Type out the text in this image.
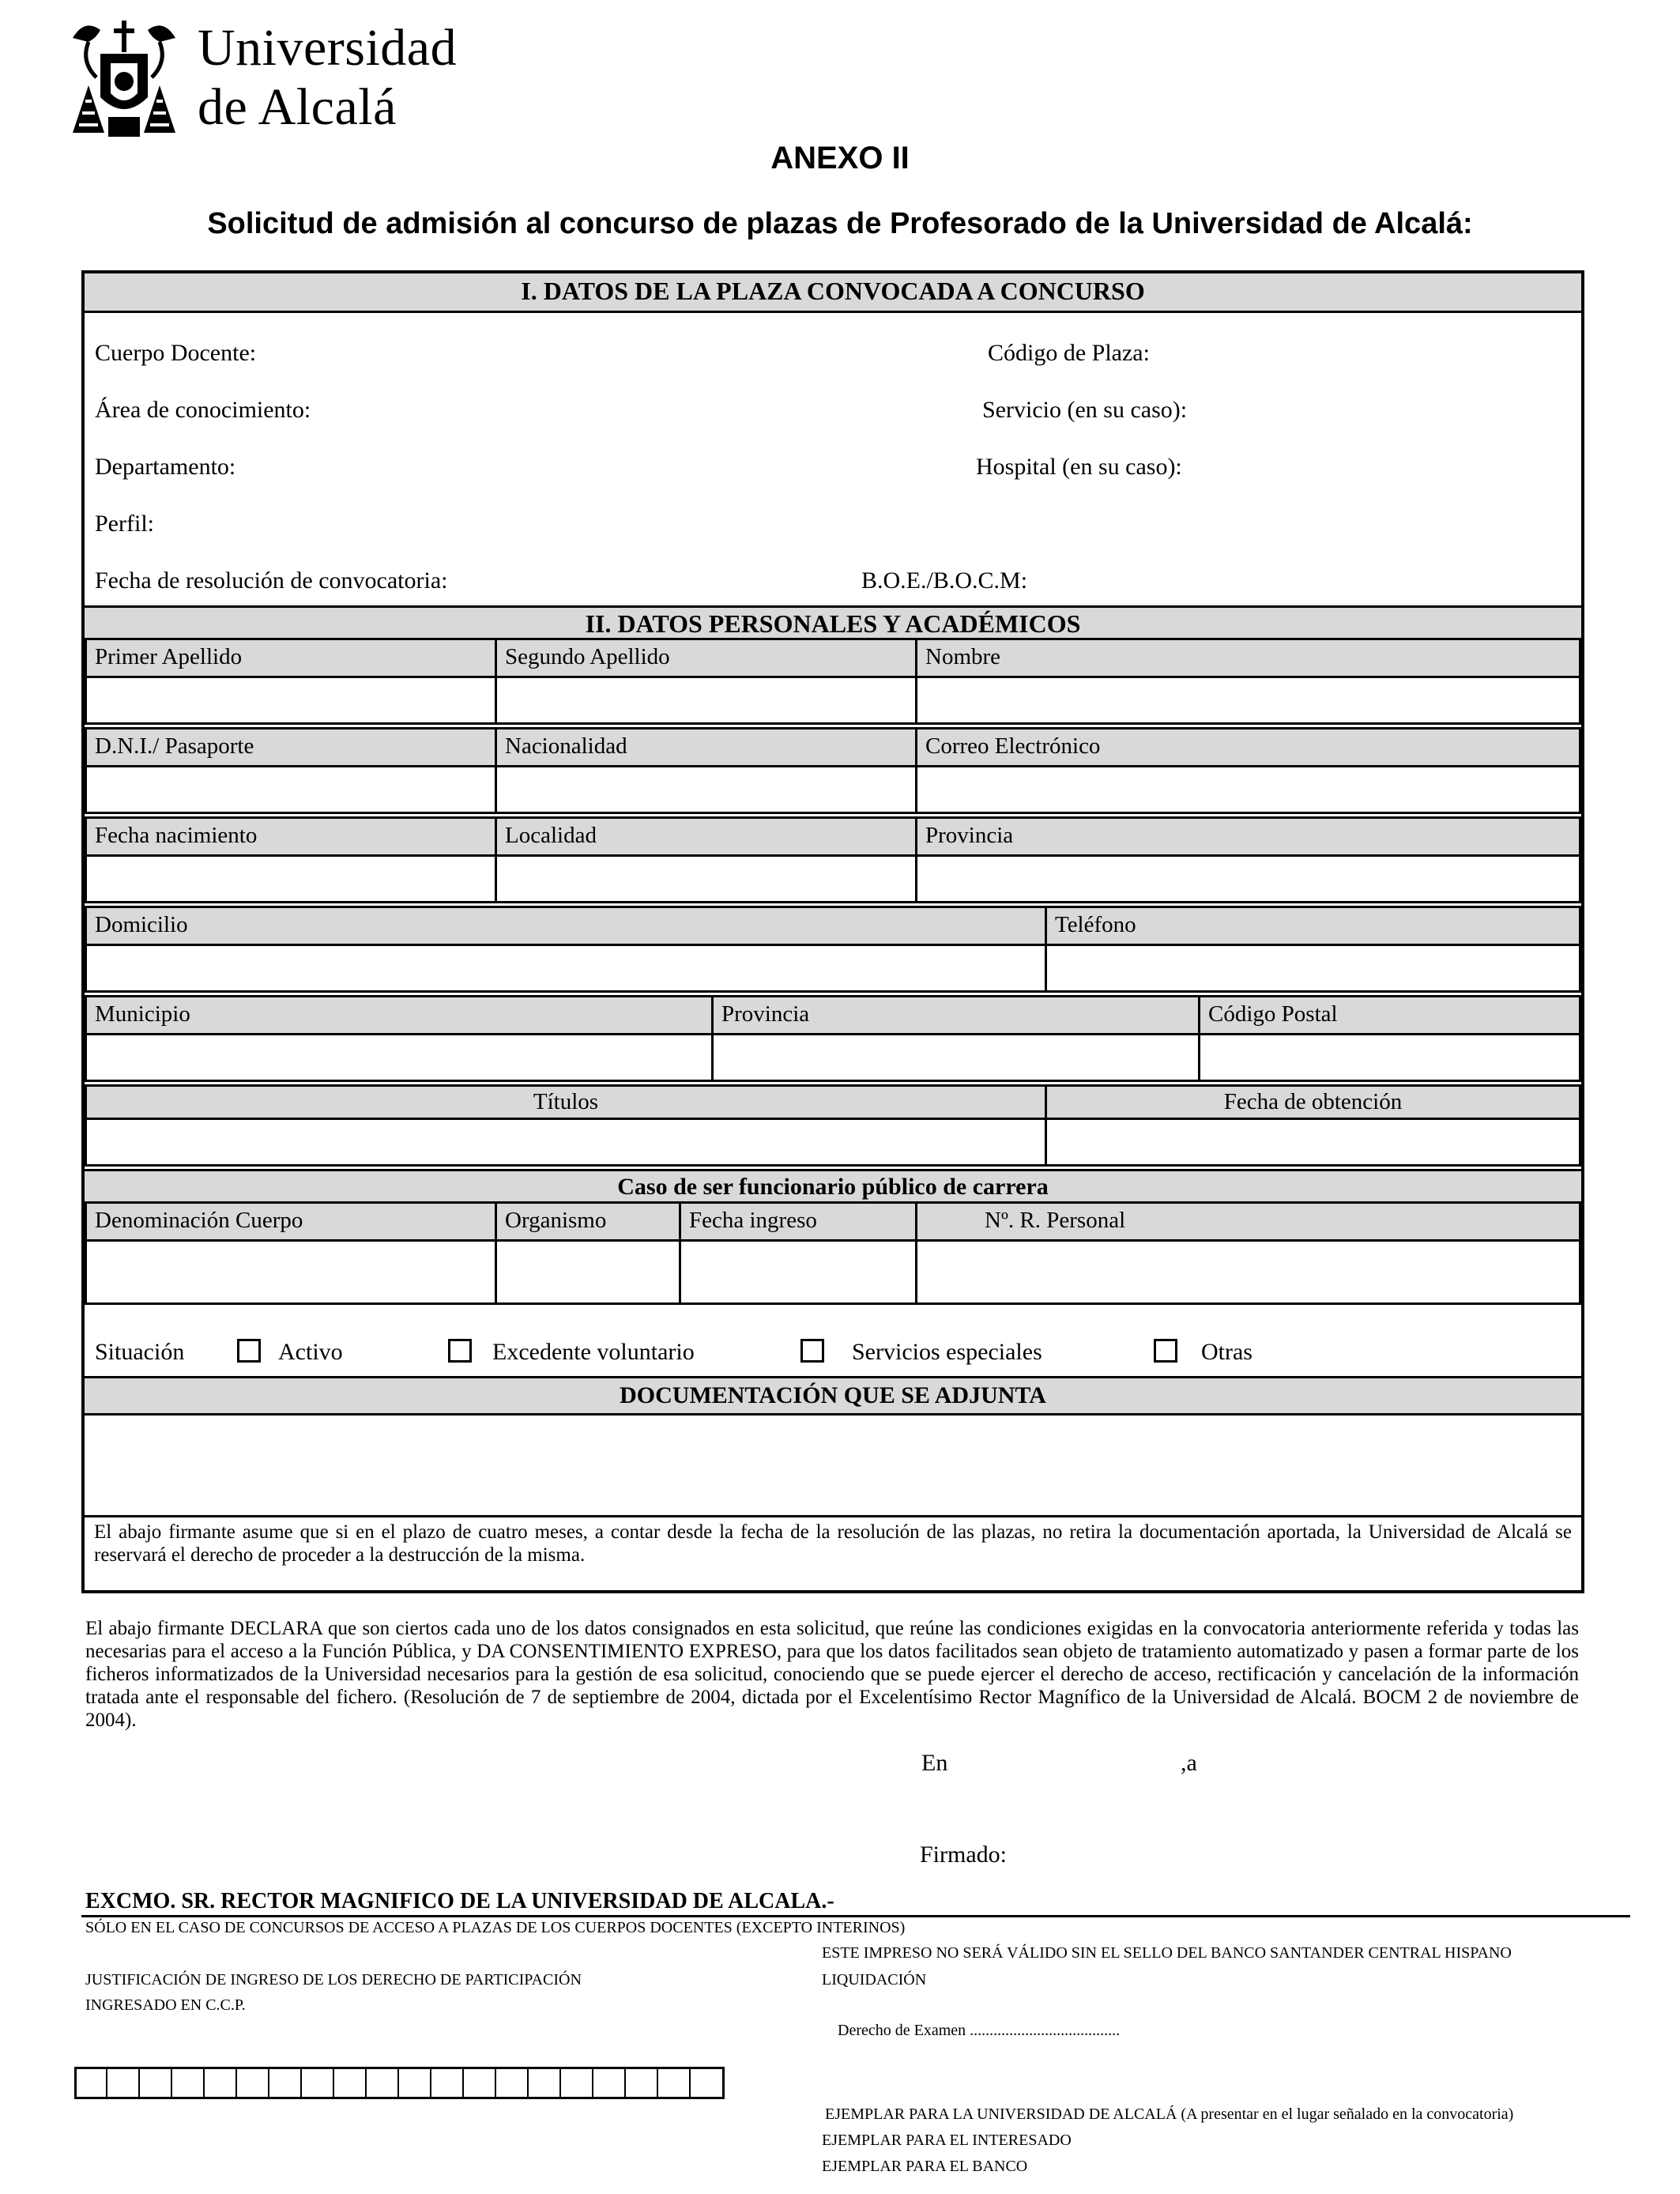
Universidad
de Alcalá
ANEXO II
Solicitud de admisión al concurso de plazas de Profesorado de la Universidad de Alcalá:
I. DATOS DE LA PLAZA CONVOCADA A CONCURSO
Cuerpo Docente:	Código de Plaza:
Área de conocimiento:	Servicio (en su caso):
Departamento:	Hospital (en su caso):
Perfil:
Fecha de resolución de convocatoria:	B.O.E./B.O.C.M:
II. DATOS PERSONALES Y ACADÉMICOS
Primer Apellido	Segundo Apellido	Nombre
D.N.I./ Pasaporte	Nacionalidad	Correo Electrónico
Fecha nacimiento	Localidad	Provincia
Domicilio	Teléfono
Municipio	Provincia	Código Postal
Títulos	Fecha de obtención
Caso de ser funcionario público de carrera
Denominación Cuerpo	Organismo	Fecha ingreso	Nº. R. Personal
Situación	Activo	Excedente voluntario	Servicios especiales	Otras
DOCUMENTACIÓN QUE SE ADJUNTA
El abajo firmante asume que si en el plazo de cuatro meses, a contar desde la fecha de la resolución de las plazas, no retira la documentación aportada, la Universidad de Alcalá se reservará el derecho de proceder a la destrucción de la misma.
El abajo firmante DECLARA que son ciertos cada uno de los datos consignados en esta solicitud, que reúne las condiciones exigidas en la convocatoria anteriormente referida y todas las necesarias para el acceso a la Función Pública, y DA CONSENTIMIENTO EXPRESO, para que los datos facilitados sean objeto de tratamiento automatizado y pasen a formar parte de los ficheros informatizados de la Universidad necesarios para la gestión de esa solicitud, conociendo que se puede ejercer el derecho de acceso, rectificación y cancelación de la información tratada ante el responsable del fichero. (Resolución de 7 de septiembre de 2004, dictada por el Excelentísimo Rector Magnífico de la Universidad de Alcalá. BOCM 2 de noviembre de 2004).
En	,a
Firmado:
EXCMO. SR. RECTOR MAGNIFICO DE LA UNIVERSIDAD DE ALCALA.-
SÓLO EN EL CASO DE CONCURSOS DE ACCESO A PLAZAS DE LOS CUERPOS DOCENTES (EXCEPTO INTERINOS)
ESTE IMPRESO NO SERÁ VÁLIDO SIN EL SELLO DEL BANCO SANTANDER CENTRAL HISPANO
LIQUIDACIÓN
JUSTIFICACIÓN DE INGRESO DE LOS DERECHO DE PARTICIPACIÓN
INGRESADO EN C.C.P.
Derecho de Examen ......................................
EJEMPLAR PARA LA UNIVERSIDAD DE ALCALÁ (A presentar en el lugar señalado en la convocatoria)
EJEMPLAR PARA EL INTERESADO
EJEMPLAR PARA EL BANCO
